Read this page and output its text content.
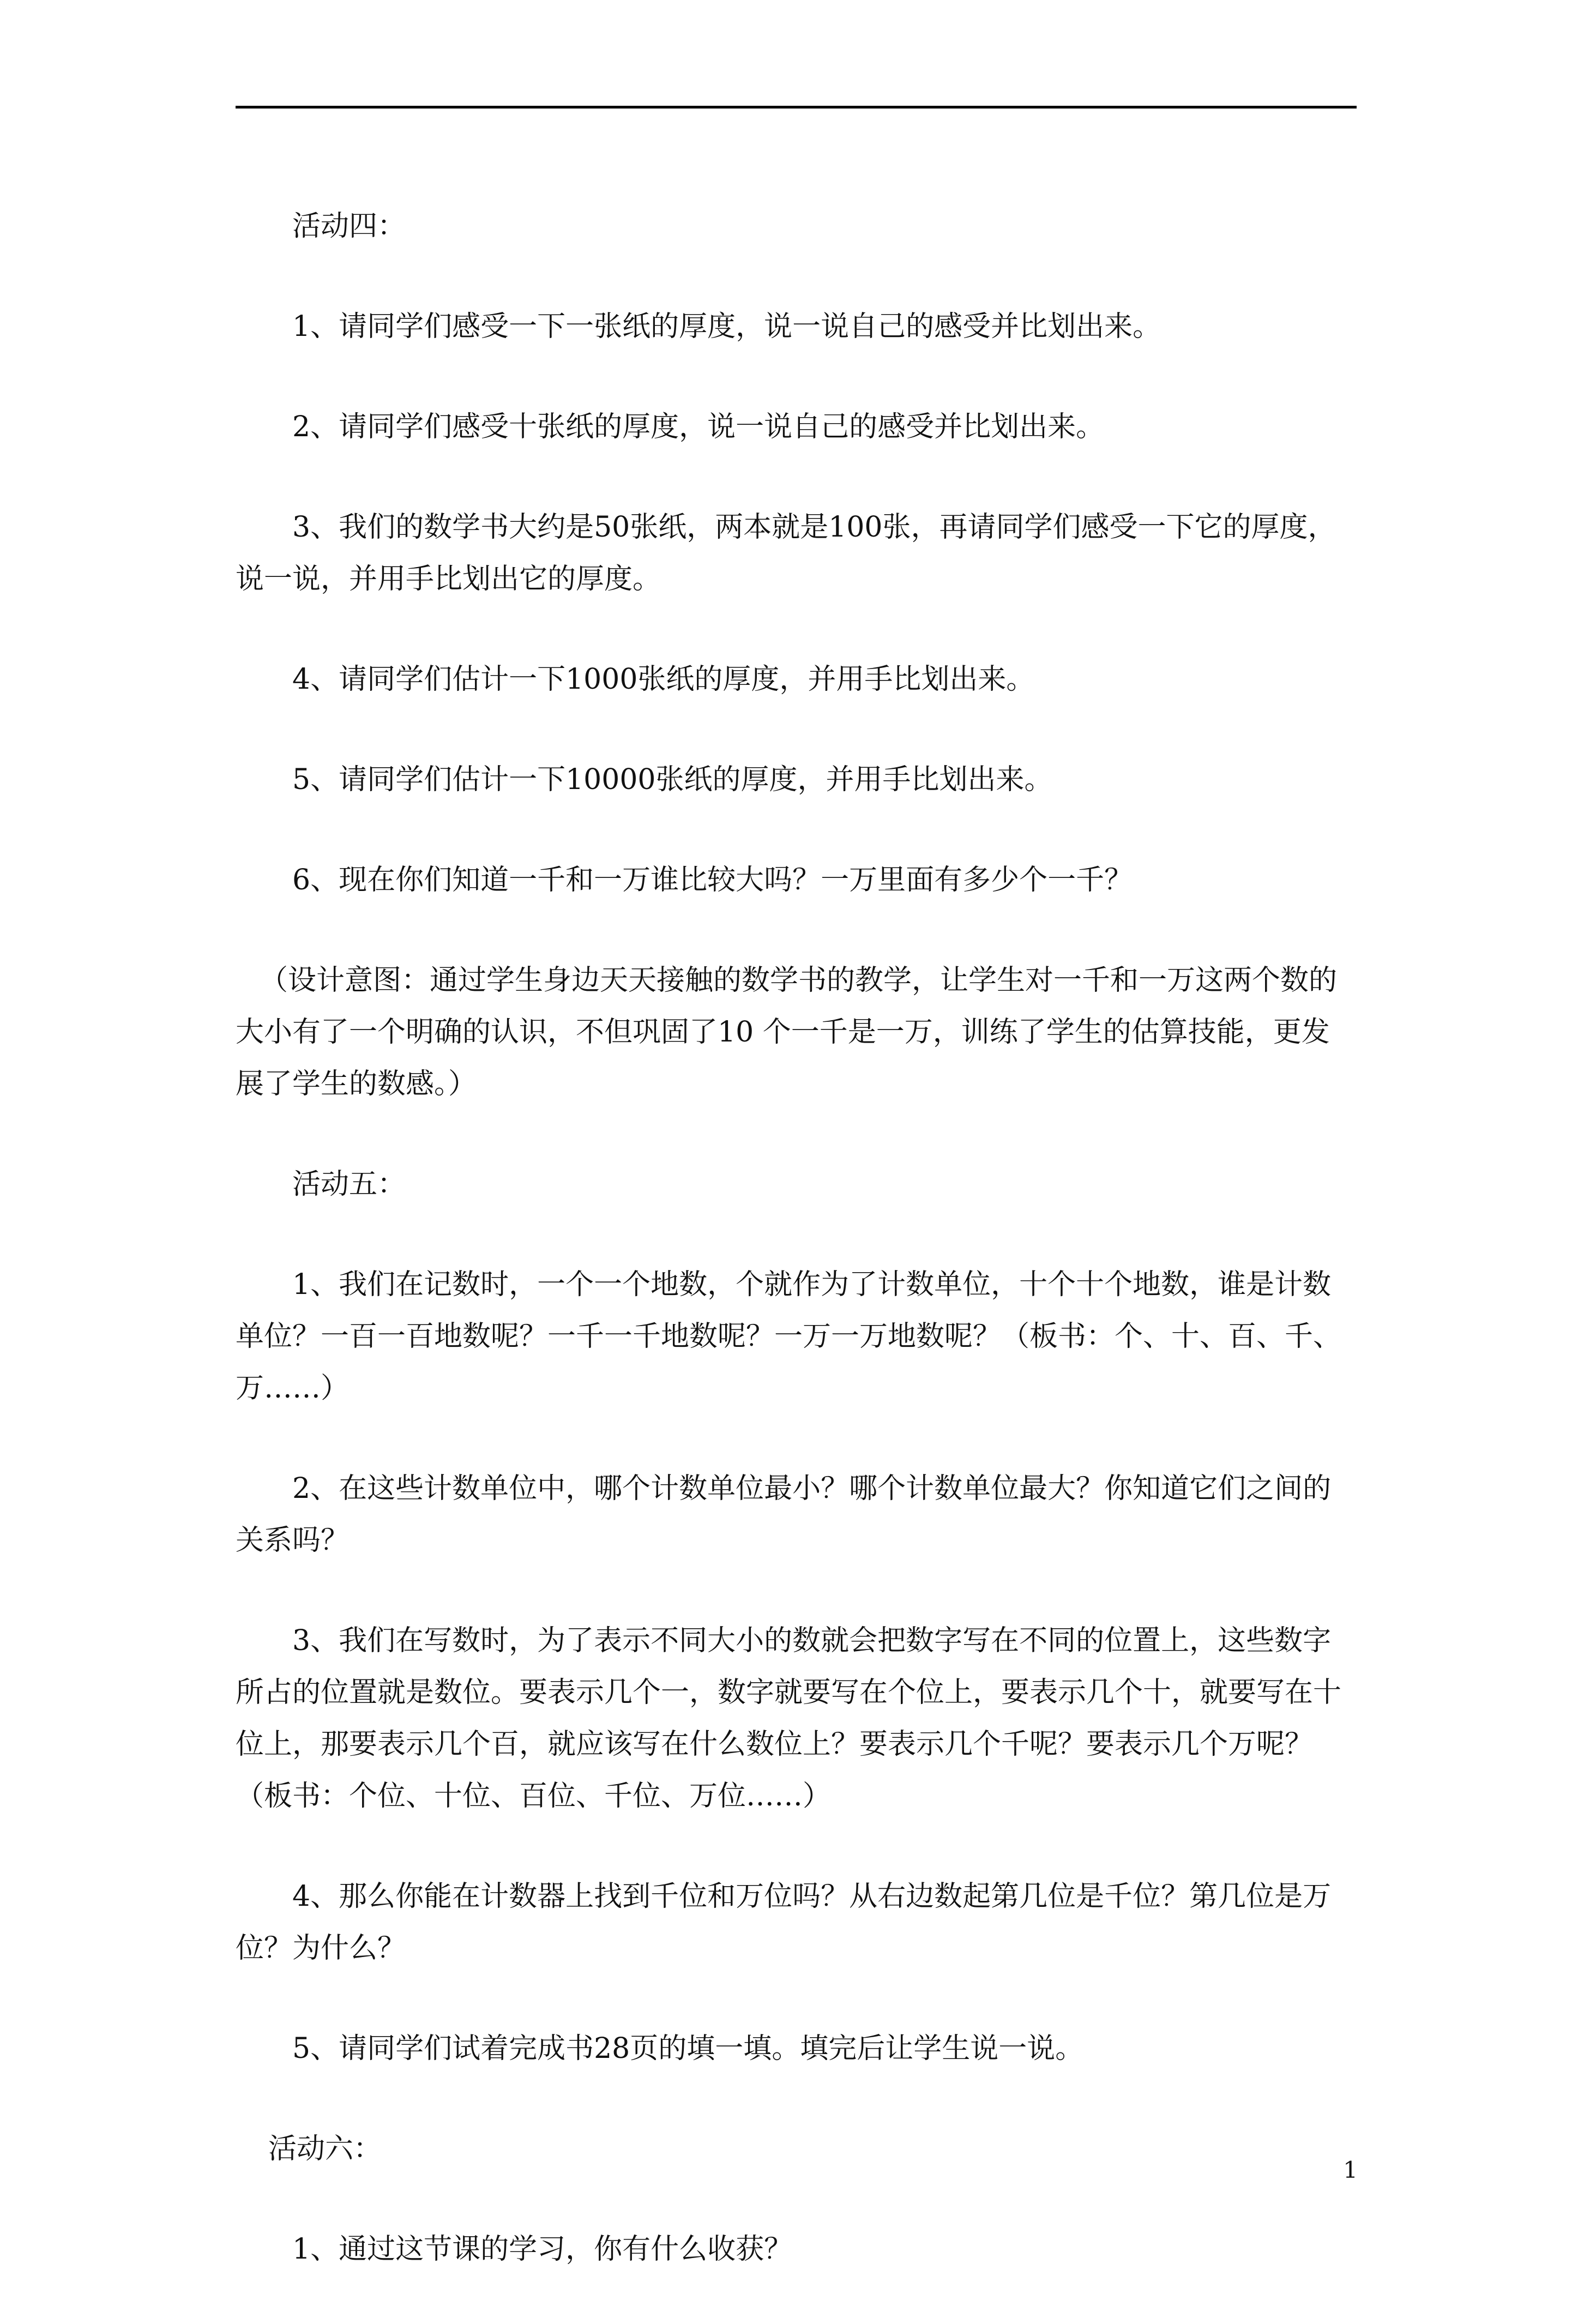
活动四：

1、请同学们感受一下一张纸的厚度，说一说自己的感受并比划出来。

2、请同学们感受十张纸的厚度，说一说自己的感受并比划出来。

3、我们的数学书大约是50张纸，两本就是100张，再请同学们感受一下它的厚度，说一说，并用手比划出它的厚度。

4、请同学们估计一下1000张纸的厚度，并用手比划出来。

5、请同学们估计一下10000张纸的厚度，并用手比划出来。

6、现在你们知道一千和一万谁比较大吗？一万里面有多少个一千？

（设计意图：通过学生身边天天接触的数学书的教学，让学生对一千和一万这两个数的大小有了一个明确的认识，不但巩固了10 个一千是一万，训练了学生的估算技能，更发展了学生的数感。）

活动五：

1、我们在记数时，一个一个地数，个就作为了计数单位，十个十个地数，谁是计数单位？一百一百地数呢？一千一千地数呢？一万一万地数呢？（板书：个、十、百、千、万……）

2、在这些计数单位中，哪个计数单位最小？哪个计数单位最大？你知道它们之间的关系吗？

3、我们在写数时，为了表示不同大小的数就会把数字写在不同的位置上，这些数字所占的位置就是数位。要表示几个一，数字就要写在个位上，要表示几个十，就要写在十位上，那要表示几个百，就应该写在什么数位上？要表示几个千呢？要表示几个万呢？（板书：个位、十位、百位、千位、万位……）

4、那么你能在计数器上找到千位和万位吗？从右边数起第几位是千位？第几位是万位？为什么？

5、请同学们试着完成书28页的填一填。填完后让学生说一说。

活动六：

1、通过这节课的学习，你有什么收获？

1
